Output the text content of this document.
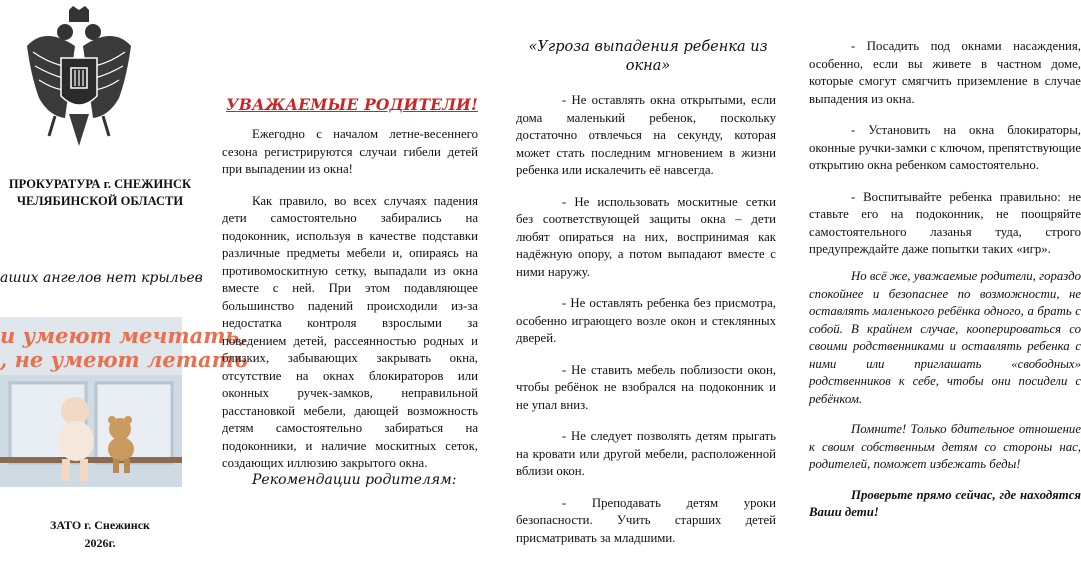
ПРОКУРАТУРА г. СНЕЖИНСК ЧЕЛЯБИНСКОЙ ОБЛАСТИ
аших ангелов нет крыльев
и умеют мечтать,
, не умеют летать
ЗАТО г. Снежинск
2026г.
УВАЖАЕМЫЕ РОДИТЕЛИ!

Ежегодно с началом летне-весеннего сезона регистрируются случаи гибели детей при выпадении из окна!

Как правило, во всех случаях падения дети самостоятельно забирались на подоконник, используя в качестве подставки различные предметы мебели и, опираясь на противомоскитную сетку, выпадали из окна вместе с ней. При этом подавляющее большинство падений происходили из-за недостатка контроля взрослыми за поведением детей, рассеянностью родных и близких, забывающих закрывать окна, отсутствие на окнах блокираторов или оконных ручек-замков, неправильной расстановкой мебели, дающей возможность детям самостоятельно забираться на подоконники, и наличие москитных сеток, создающих иллюзию закрытого окна.

Рекомендации родителям:
«Угроза выпадения ребенка из окна»

- Не оставлять окна открытыми, если дома маленький ребенок, поскольку достаточно отвлечься на секунду, которая может стать последним мгновением в жизни ребенка или искалечить её навсегда.

- Не использовать москитные сетки без соответствующей защиты окна – дети любят опираться на них, воспринимая как надёжную опору, а потом выпадают вместе с ними наружу.

- Не оставлять ребенка без присмотра, особенно играющего возле окон и стеклянных дверей.

- Не ставить мебель поблизости окон, чтобы ребёнок не взобрался на подоконник и не упал вниз.

- Не следует позволять детям прыгать на кровати или другой мебели, расположенной вблизи окон.

- Преподавать детям уроки безопасности. Учить старших детей присматривать за младшими.

- Посадить под окнами насаждения, особенно, если вы живете в частном доме, которые смогут смягчить приземление в случае выпадения из окна.

- Установить на окна блокираторы, оконные ручки-замки с ключом, препятствующие открытию окна ребенком самостоятельно.

- Воспитывайте ребенка правильно: не ставьте его на подоконник, не поощряйте самостоятельного лазанья туда, строго предупреждайте даже попытки таких «игр».

Но всё же, уважаемые родители, гораздо спокойнее и безопаснее по возможности, не оставлять маленького ребёнка одного, а брать с собой. В крайнем случае, кооперироваться со своими родственниками и оставлять ребенка с ними или приглашать «свободных» родственников к себе, чтобы они посидели с ребёнком.

Помните! Только бдительное отношение к своим собственным детям со стороны нас, родителей, поможет избежать беды!

Проверьте прямо сейчас, где находятся Ваши дети!
